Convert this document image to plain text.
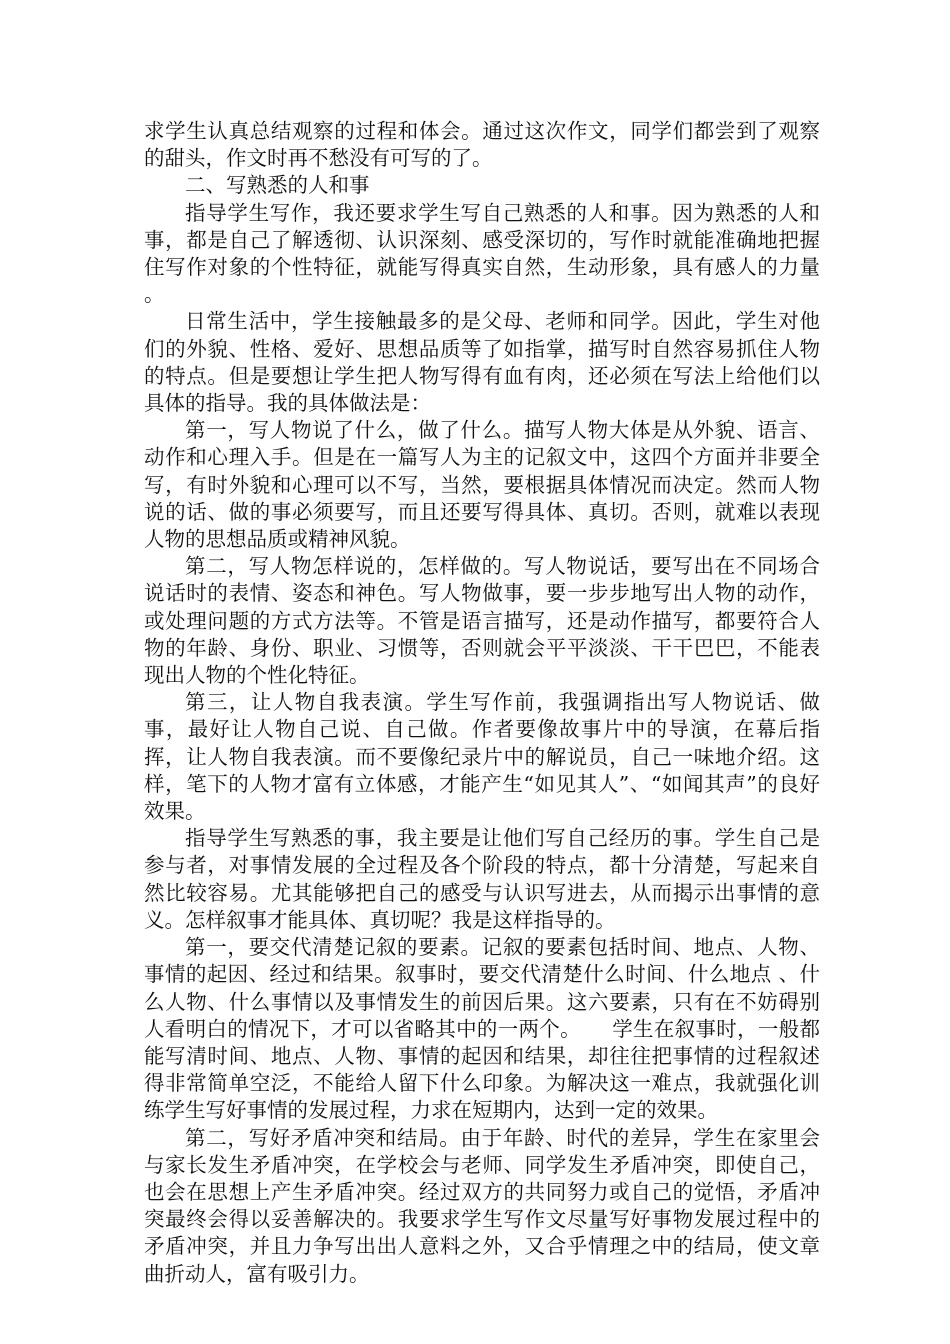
求学生认真总结观察的过程和体会。通过这次作文，同学们都尝到了观察的甜头，作文时再不愁没有可写的了。

二、写熟悉的人和事

指导学生写作，我还要求学生写自己熟悉的人和事。因为熟悉的人和事，都是自己了解透彻、认识深刻、感受深切的，写作时就能准确地把握住写作对象的个性特征，就能写得真实自然，生动形象，具有感人的力量 。

日常生活中，学生接触最多的是父母、老师和同学。因此，学生对他们的外貌、性格、爱好、思想品质等了如指掌，描写时自然容易抓住人物的特点。但是要想让学生把人物写得有血有肉，还必须在写法上给他们以具体的指导。我的具体做法是：

第一，写人物说了什么，做了什么。描写人物大体是从外貌、语言、动作和心理入手。但是在一篇写人为主的记叙文中，这四个方面并非要全写，有时外貌和心理可以不写，当然，要根据具体情况而决定。然而人物说的话、做的事必须要写，而且还要写得具体、真切。否则，就难以表现人物的思想品质或精神风貌。

第二，写人物怎样说的，怎样做的。写人物说话，要写出在不同场合说话时的表情、姿态和神色。写人物做事，要一步步地写出人物的动作，或处理问题的方式方法等。不管是语言描写，还是动作描写，都要符合人物的年龄、身份、职业、习惯等，否则就会平平淡淡、干干巴巴，不能表现出人物的个性化特征。

第三，让人物自我表演。学生写作前，我强调指出写人物说话、做事，最好让人物自己说、自己做。作者要像故事片中的导演，在幕后指挥，让人物自我表演。而不要像纪录片中的解说员，自己一味地介绍。这样，笔下的人物才富有立体感，才能产生“如见其人”、“如闻其声”的良好效果。

指导学生写熟悉的事，我主要是让他们写自己经历的事。学生自己是参与者，对事情发展的全过程及各个阶段的特点，都十分清楚，写起来自然比较容易。尤其能够把自己的感受与认识写进去，从而揭示出事情的意义。怎样叙事才能具体、真切呢？我是这样指导的。

第一，要交代清楚记叙的要素。记叙的要素包括时间、地点、人物、事情的起因、经过和结果。叙事时，要交代清楚什么时间、什么地点 、什么人物、什么事情以及事情发生的前因后果。这六要素，只有在不妨碍别人看明白的情况下，才可以省略其中的一两个。　　学生在叙事时，一般都能写清时间、地点、人物、事情的起因和结果，却往往把事情的过程叙述得非常简单空泛，不能给人留下什么印象。为解决这一难点，我就强化训练学生写好事情的发展过程，力求在短期内，达到一定的效果。

第二，写好矛盾冲突和结局。由于年龄、时代的差异，学生在家里会与家长发生矛盾冲突，在学校会与老师、同学发生矛盾冲突，即使自己，也会在思想上产生矛盾冲突。经过双方的共同努力或自己的觉悟，矛盾冲突最终会得以妥善解决的。我要求学生写作文尽量写好事物发展过程中的矛盾冲突，并且力争写出出人意料之外，又合乎情理之中的结局，使文章曲折动人，富有吸引力。
